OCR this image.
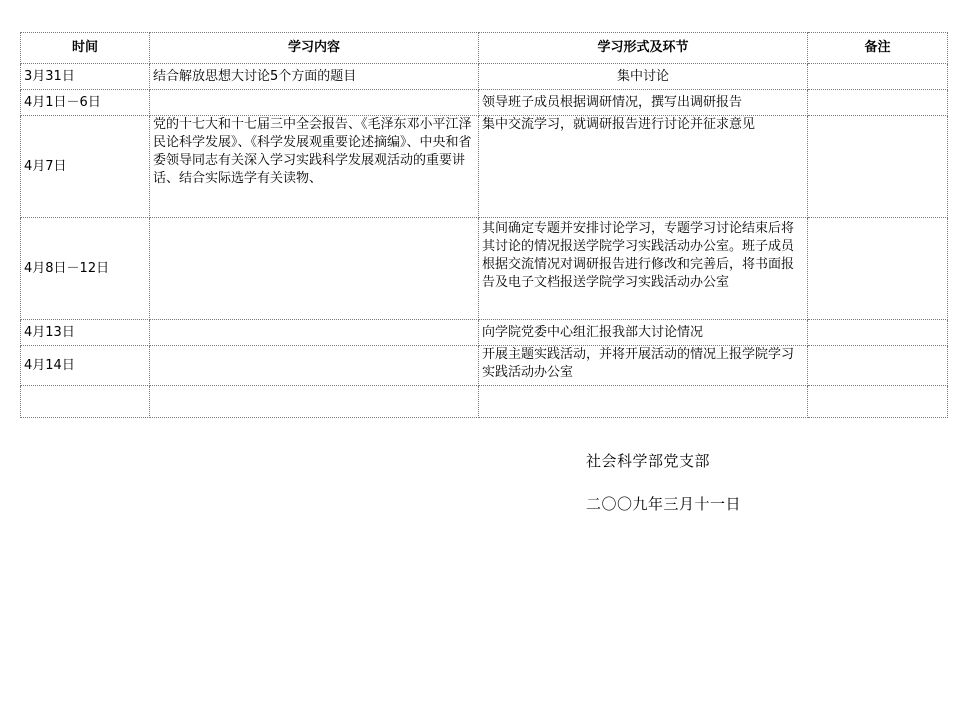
时间	学习内容	学习形式及环节	备注
3月31日	结合解放思想大讨论5个方面的题目	集中讨论	
4月1日－6日		领导班子成员根据调研情况，撰写出调研报告	
4月7日	党的十七大和十七届三中全会报告、《毛泽东邓小平江泽民论科学发展》、《科学发展观重要论述摘编》、中央和省委领导同志有关深入学习实践科学发展观活动的重要讲话、结合实际选学有关读物、	集中交流学习，就调研报告进行讨论并征求意见	
4月8日－12日		其间确定专题并安排讨论学习，专题学习讨论结束后将其讨论的情况报送学院学习实践活动办公室。班子成员根据交流情况对调研报告进行修改和完善后，将书面报告及电子文档报送学院学习实践活动办公室	
4月13日		向学院党委中心组汇报我部大讨论情况	
4月14日		开展主题实践活动，并将开展活动的情况上报学院学习实践活动办公室	

社会科学部党支部
二〇〇九年三月十一日
